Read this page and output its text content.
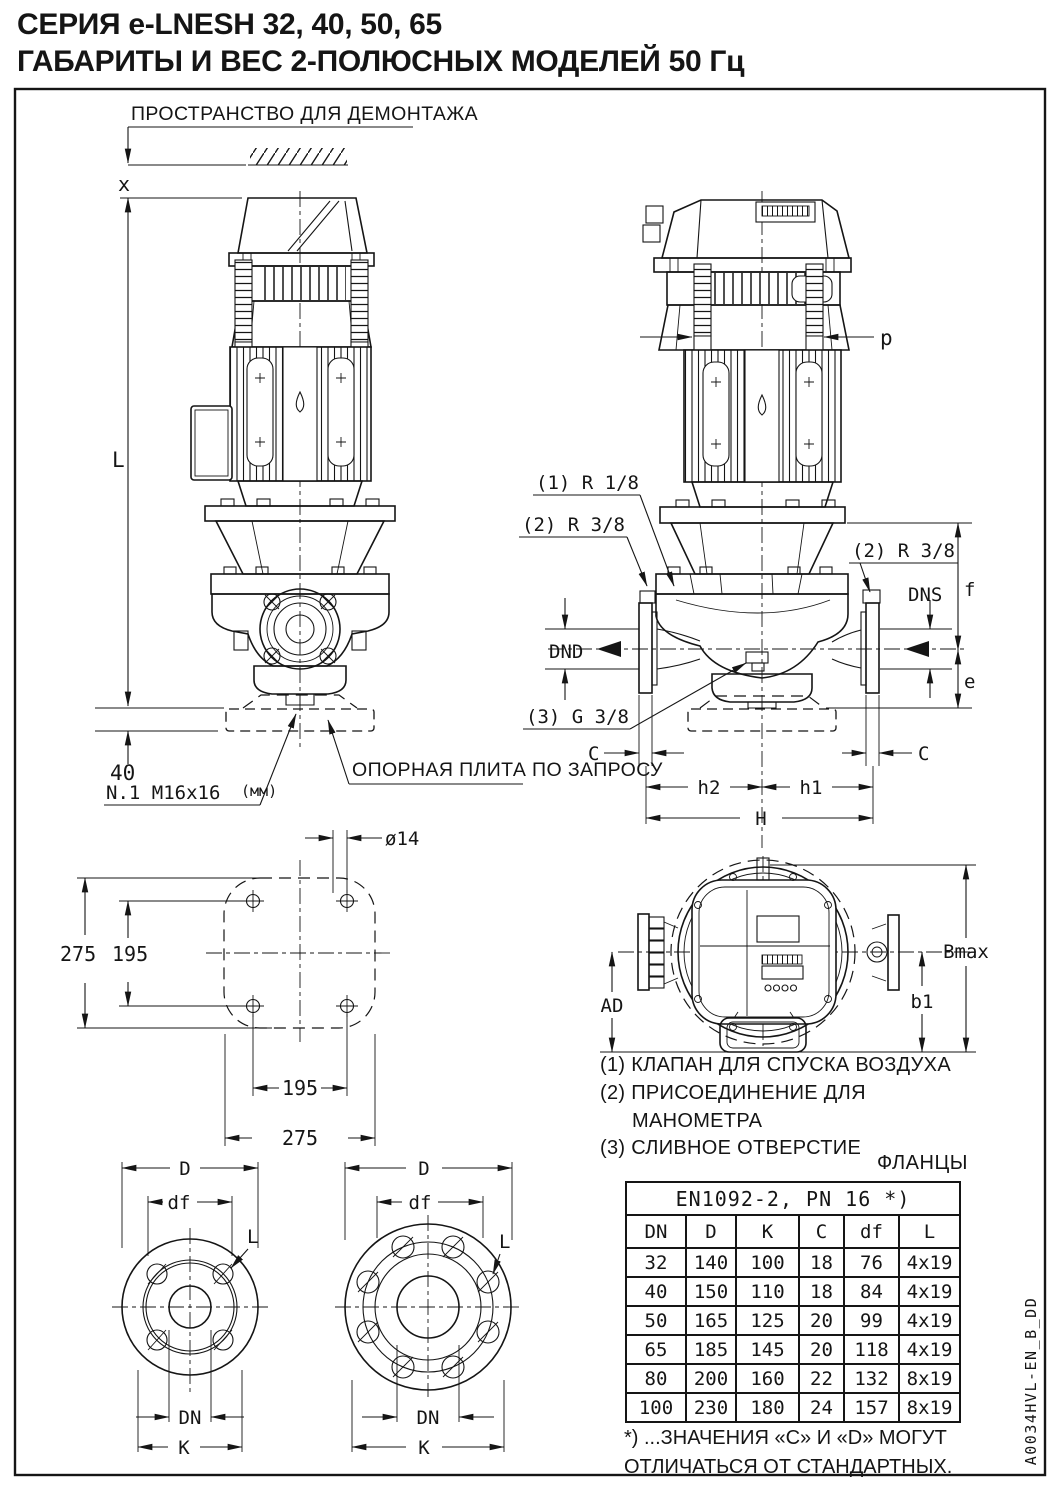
СЕРИЯ e-LNESH 32, 40, 50, 65
ГАБАРИТЫ И ВЕС 2-ПОЛЮСНЫХ МОДЕЛЕЙ 50 Гц
ПРОСТРАНСТВО ДЛЯ ДЕМОНТАЖА
x
L
40
N.1 M16x16 (мм)
ОПОРНАЯ ПЛИТА ПО ЗАПРОСУ
p
(1) R 1/8
(2) R 3/8
(2) R 3/8
(3) G 3/8
DND
DNS f
e
C	C
h2	h1
H
ø14
275 195
195
275
AD	b1
Bmax
D
df
L
DN
K
D
df
L
DN
K
(1) КЛАПАН ДЛЯ СПУСКА ВОЗДУХА
(2) ПРИСОЕДИНЕНИЕ ДЛЯ
МАНОМЕТРА
(3) СЛИВНОЕ ОТВЕРСТИЕ
ФЛАНЦЫ
EN1092-2, PN 16 *)					
DN	D	K	C	df	L
32	140	100	18	76	4x19
40	150	110	18	84	4x19
50	165	125	20	99	4x19
65	185	145	20	118	4x19
80	200	160	22	132	8x19
100	230	180	24	157	8x19
*) ...ЗНАЧЕНИЯ «C» И «D» МОГУТ
ОТЛИЧАТЬСЯ ОТ СТАНДАРТНЫХ.
A0034HVL-EN_B_DD
